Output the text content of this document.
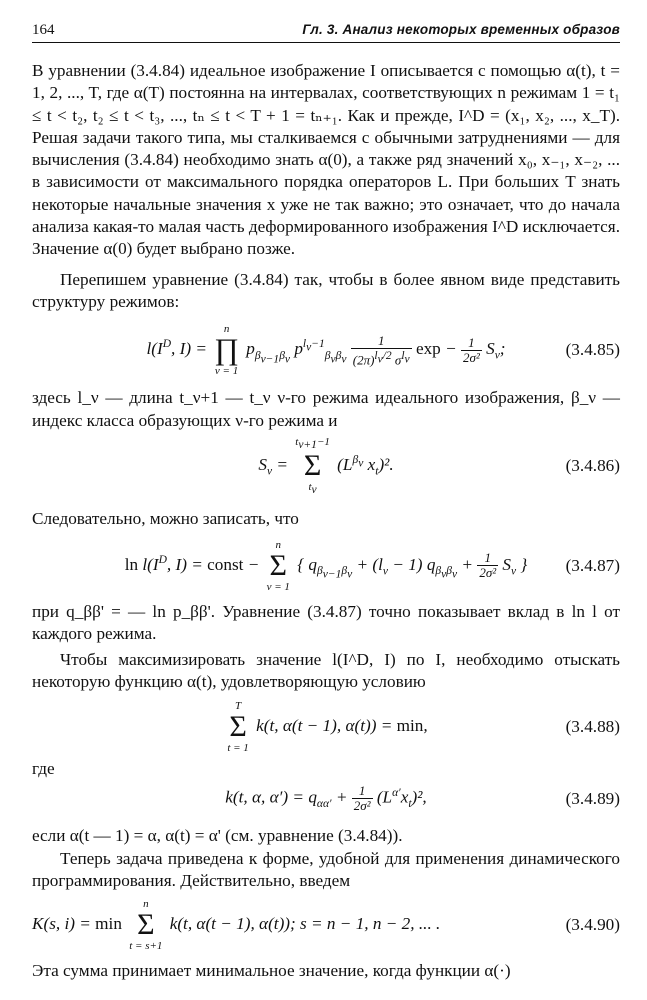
164	Гл. 3. Анализ некоторых временных образов

В уравнении (3.4.84) идеальное изображение I описывается с помощью α(t), t = 1, 2, ..., T, где α(T) постоянна на интервалах, соответствующих n режимам 1 = t₁ ≤ t < t₂, t₂ ≤ t < t₃, ..., tₙ ≤ t < T + 1 = tₙ₊₁. Как и прежде, I^D = (x₁, x₂, ..., x_T). Решая задачи такого типа, мы сталкиваемся с обычными затруднениями — для вычисления (3.4.84) необходимо знать α(0), а также ряд значений x₀, x₋₁, x₋₂, ... в зависимости от максимального порядка операторов L. При больших T знать некоторые начальные значения x уже не так важно; это означает, что до начала анализа какая-то малая часть деформированного изображения I^D исключается. Значение α(0) будет выбрано позже.

Перепишем уравнение (3.4.84) так, чтобы в более явном виде представить структуру режимов:

$l(I^D$, I) =
n
∏
ν = 1
$p_{\beta_{\nu-1}\beta_\nu}$ $p^{l_\nu-1}_{\beta_\nu\beta_\nu} \frac{1}{(2\pi)^{l_\nu/2} \sigma^{l_\nu}}$ $\exp - \frac{1}{\text{2σ²}} S_\nu$;	(3.4.85)

здесь l_ν — длина t_ν+1 — t_ν ν-го режима идеального изображения, β_ν — индекс класса образующих ν-го режима и

$S_\nu$ =
$t_{\nu+1}-1$
Σ
$t_\nu$
($L^{\beta_\nu}$ $x_t)^2$.	(3.4.86)

Следовательно, можно записать, что

$\ln l(I^D$, I) = const −
n
Σ
ν = 1
{ $q_{\beta_{\nu-1}\beta_\nu} + (l_\nu - 1) q_{\beta_\nu\beta_\nu} + \frac{1}{\text{2σ²}} S_\nu$ } (3.4.87)

при q_ββ' = — ln p_ββ'. Уравнение (3.4.87) точно показывает вклад в ln l от каждого режима.

Чтобы максимизировать значение l(I^D, I) по I, необходимо отыскать некоторую функцию α(t), удовлетворяющую условию

T
Σ
t = 1
k(t, α(t − 1), α(t)) = min,	(3.4.88)

где

k(t, α, $\alpha') = q_{\alpha\alpha'} + \frac{1}{\text{2σ²}} (L^{\alpha'}x_t)^2$,	(3.4.89)

если α(t — 1) = α, α(t) = α' (см. уравнение (3.4.84)).

Теперь задача приведена к форме, удобной для применения динамического программирования. Действительно, введем

K(s, i) = min
n
Σ
t = s+1
k(t, α(t − 1), α(t)); s = n − 1, n − 2, ... .	(3.4.90)

Эта сумма принимает минимальное значение, когда функции α(·)
